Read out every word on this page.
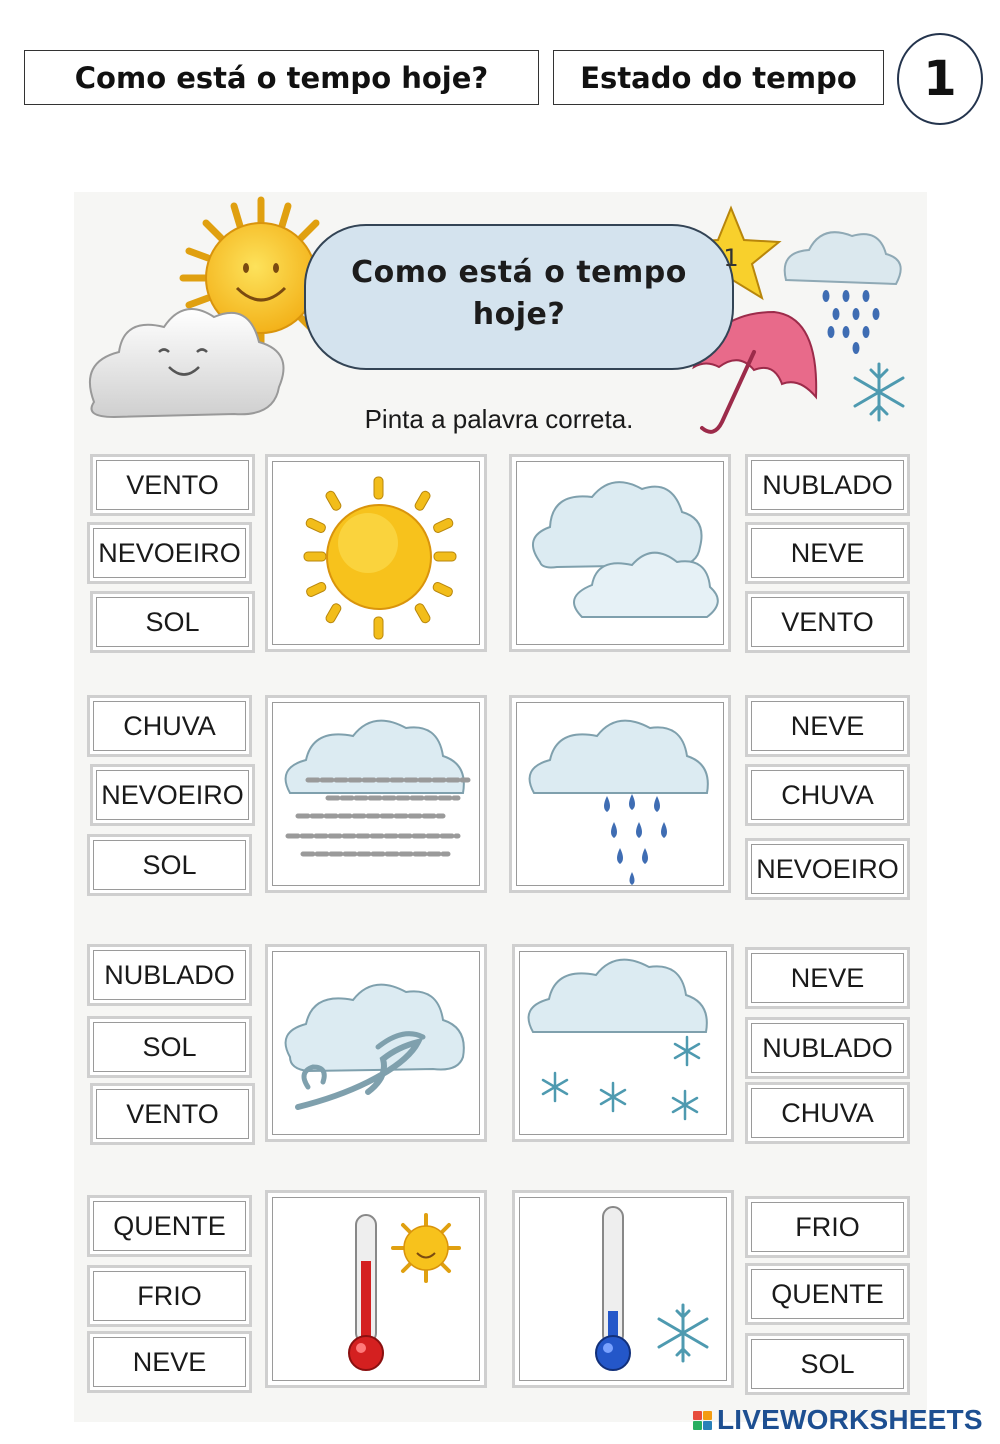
Como está o tempo hoje?	Estado do tempo 1
Como está o tempo
hoje?
1
Pinta a palavra correta.
VENTO
NEVOEIRO
SOL
NUBLADO
NEVE
VENTO
CHUVA
NEVOEIRO
SOL
NEVE
CHUVA
NEVOEIRO
NUBLADO
SOL
VENTO
NEVE
NUBLADO
CHUVA
QUENTE
FRIO
NEVE
FRIO
QUENTE
SOL
LIVEWORKSHEETS
